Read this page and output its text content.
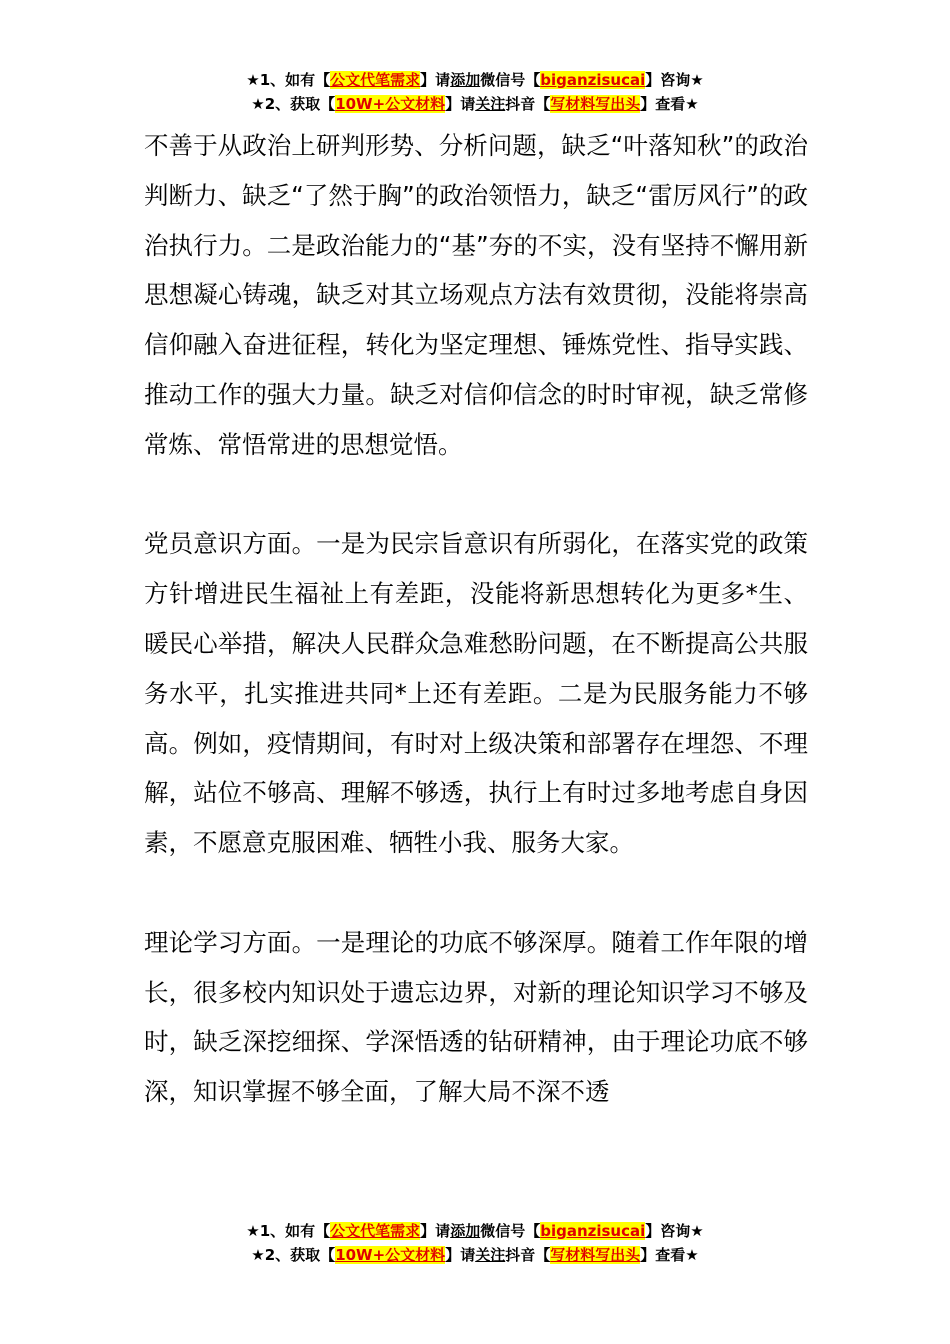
★1、如有【公文代笔需求】请添加微信号【biganzisucai】咨询★
★2、获取【10W+公文材料】请关注抖音【写材料写出头】查看★

不善于从政治上研判形势、分析问题，缺乏“叶落知秋”的政治判断力、缺乏“了然于胸”的政治领悟力，缺乏“雷厉风行”的政治执行力。二是政治能力的“基”夯的不实，没有坚持不懈用新思想凝心铸魂，缺乏对其立场观点方法有效贯彻，没能将崇高信仰融入奋进征程，转化为坚定理想、锤炼党性、指导实践、推动工作的强大力量。缺乏对信仰信念的时时审视，缺乏常修常炼、常悟常进的思想觉悟。

党员意识方面。一是为民宗旨意识有所弱化，在落实党的政策方针增进民生福祉上有差距，没能将新思想转化为更多*生、暖民心举措，解决人民群众急难愁盼问题，在不断提高公共服务水平，扎实推进共同*上还有差距。二是为民服务能力不够高。例如，疫情期间，有时对上级决策和部署存在埋怨、不理解，站位不够高、理解不够透，执行上有时过多地考虑自身因素，不愿意克服困难、牺牲小我、服务大家。

理论学习方面。一是理论的功底不够深厚。随着工作年限的增长，很多校内知识处于遗忘边界，对新的理论知识学习不够及时，缺乏深挖细探、学深悟透的钻研精神，由于理论功底不够深，知识掌握不够全面，了解大局不深不透

★1、如有【公文代笔需求】请添加微信号【biganzisucai】咨询★
★2、获取【10W+公文材料】请关注抖音【写材料写出头】查看★
